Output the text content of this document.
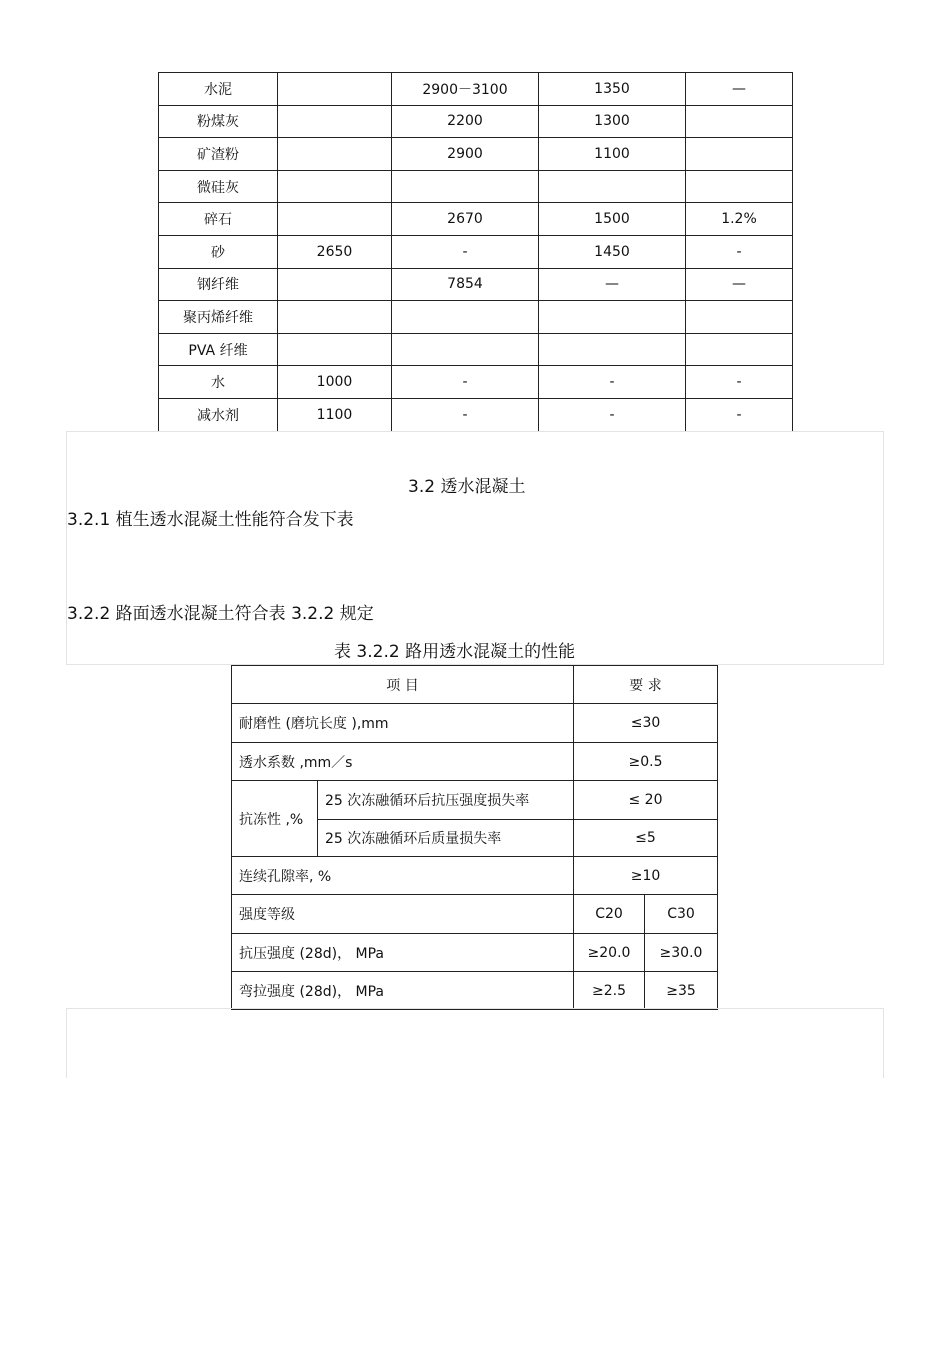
水泥		2900－3100	1350	—
粉煤灰		2200	1300	
矿渣粉		2900	1100	
微硅灰				
碎石		2670	1500	1.2%
砂	2650	-	1450	-
钢纤维		7854	—	—
聚丙烯纤维				
PVA 纤维				
水	1000	-	-	-
减水剂	1100	-	-	-
3.2 透水混凝土
3.2.1 植生透水混凝土性能符合发下表
3.2.2 路面透水混凝土符合表 3.2.2 规定
表 3.2.2 路用透水混凝土的性能
项 目		要 求	
耐磨性 (磨坑长度 ),mm		≤30	
透水系数 ,mm／s		≥0.5	
抗冻性 ,%	25 次冻融循环后抗压强度损失率	≤ 20	
	25 次冻融循环后质量损失率	≤5	
连续孔隙率, %		≥10	
强度等级		C20	C30
抗压强度 (28d)， MPa		≥20.0	≥30.0
弯拉强度 (28d)， MPa		≥2.5	≥35
